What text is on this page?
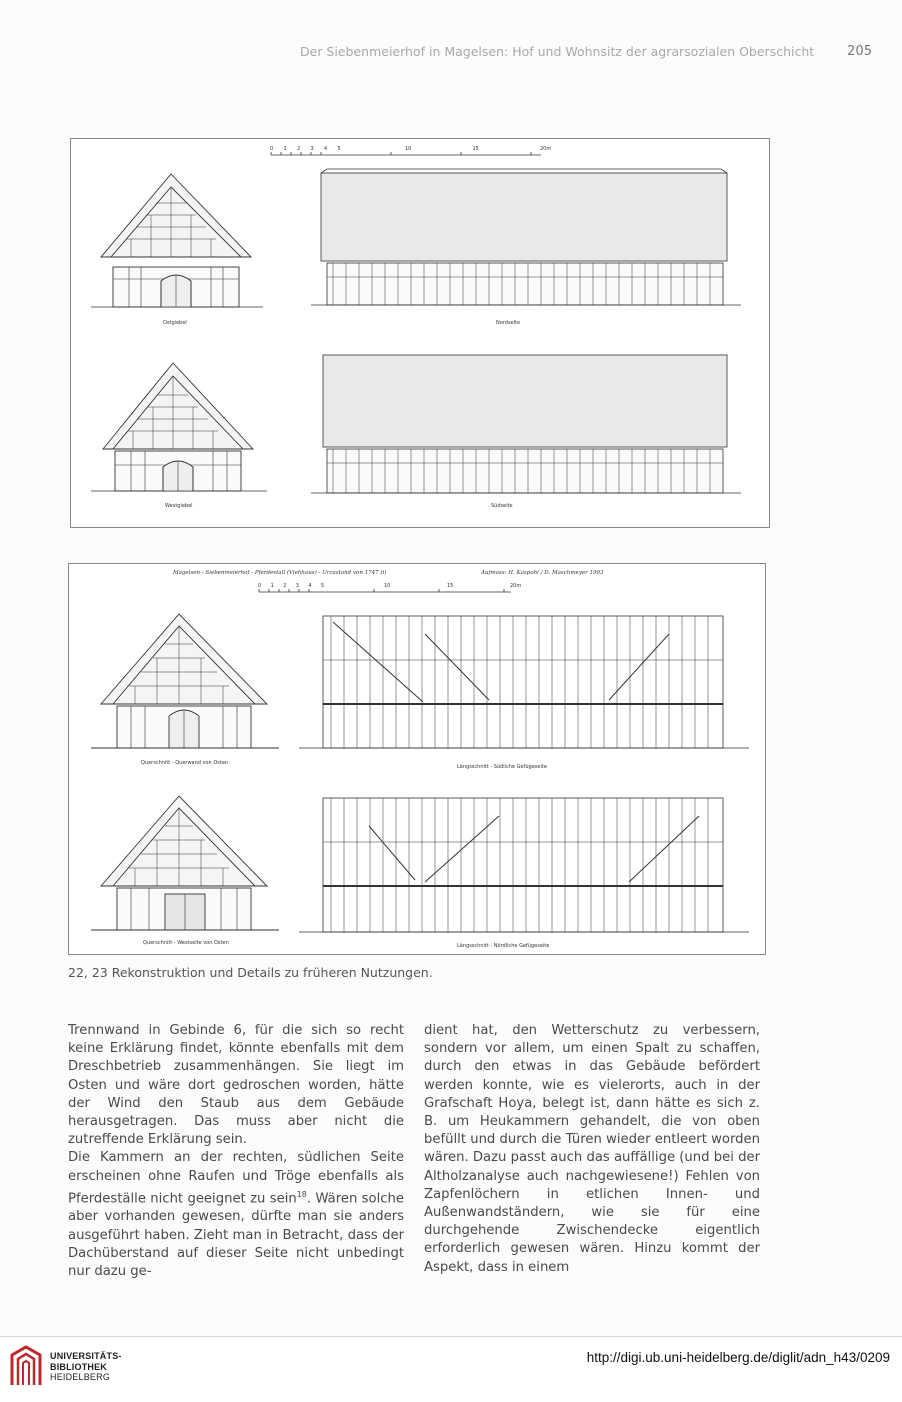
Der Siebenmeierhof in Magelsen: Hof und Wohnsitz der agrarsozialen Oberschicht	205
0 1 2 3 4 5	10	15	20m
Ostgiebel	Nordseite
Westgiebel	Südseite
Magelsen - Siebenmeierhof - Pferdestall (Viehhaus) - Urzustand von 1747 (i)	Aufmass: H. Kaspohl / D. Maschmeyer 1993
0 1 2 3 4 5	10	15	20m
Querschnitt - Querwand von Osten
Längsschnitt - Südliche Gefügeseite
Querschnitt - Westseite von Osten	Längsschnitt - Nördliche Gefügeseite
22, 23 Rekonstruktion und Details zu früheren Nutzungen.

Trennwand in Gebinde 6, für die sich so recht keine Erklärung findet, könnte ebenfalls mit dem Dreschbetrieb zusammenhängen. Sie liegt im Osten und wäre dort gedroschen worden, hätte der Wind den Staub aus dem Gebäude herausgetragen. Das muss aber nicht die zutreffende Erklärung sein.

Die Kammern an der rechten, südlichen Seite erscheinen ohne Raufen und Tröge ebenfalls als Pferdeställe nicht geeignet zu sein$^{18}$. Wären solche aber vorhanden gewesen, dürfte man sie anders ausgeführt haben. Zieht man in Betracht, dass der Dachüberstand auf dieser Seite nicht unbedingt nur dazu ge-

dient hat, den Wetterschutz zu verbessern, sondern vor allem, um einen Spalt zu schaffen, durch den etwas in das Gebäude befördert werden konnte, wie es vielerorts, auch in der Grafschaft Hoya, belegt ist, dann hätte es sich z. B. um Heukammern gehandelt, die von oben befüllt und durch die Türen wieder entleert worden wären. Dazu passt auch das auffällige (und bei der Altholzanalyse auch nachgewiesene!) Fehlen von Zapfenlöchern in etlichen Innen- und Außenwandständern, wie sie für eine durchgehende Zwischendecke eigentlich erforderlich gewesen wären. Hinzu kommt der Aspekt, dass in einem

UNIVERSITÄTS-
BIBLIOTHEK
HEIDELBERG
http://digi.ub.uni-heidelberg.de/diglit/adn_h43/0209
